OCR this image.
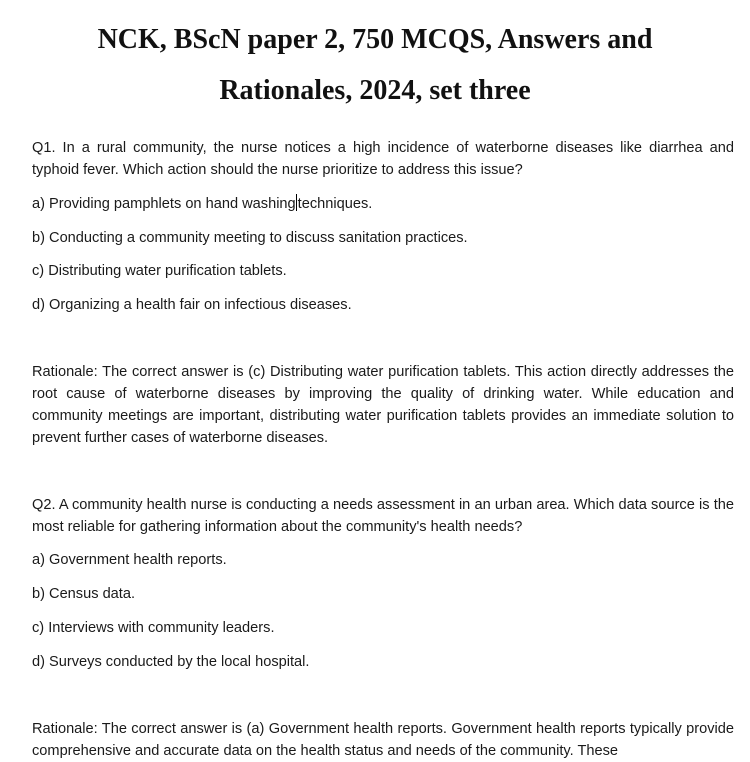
NCK, BScN paper 2, 750 MCQS, Answers and
Rationales, 2024, set three

Q1. In a rural community, the nurse notices a high incidence of waterborne diseases like diarrhea and typhoid fever. Which action should the nurse prioritize to address this issue?

a) Providing pamphlets on hand washing techniques.

b) Conducting a community meeting to discuss sanitation practices.

c) Distributing water purification tablets.

d) Organizing a health fair on infectious diseases.

Rationale: The correct answer is (c) Distributing water purification tablets. This action directly addresses the root cause of waterborne diseases by improving the quality of drinking water. While education and community meetings are important, distributing water purification tablets provides an immediate solution to prevent further cases of waterborne diseases.

Q2. A community health nurse is conducting a needs assessment in an urban area. Which data source is the most reliable for gathering information about the community's health needs?

a) Government health reports.

b) Census data.

c) Interviews with community leaders.

d) Surveys conducted by the local hospital.

Rationale: The correct answer is (a) Government health reports. Government health reports typically provide comprehensive and accurate data on the health status and needs of the community. These
